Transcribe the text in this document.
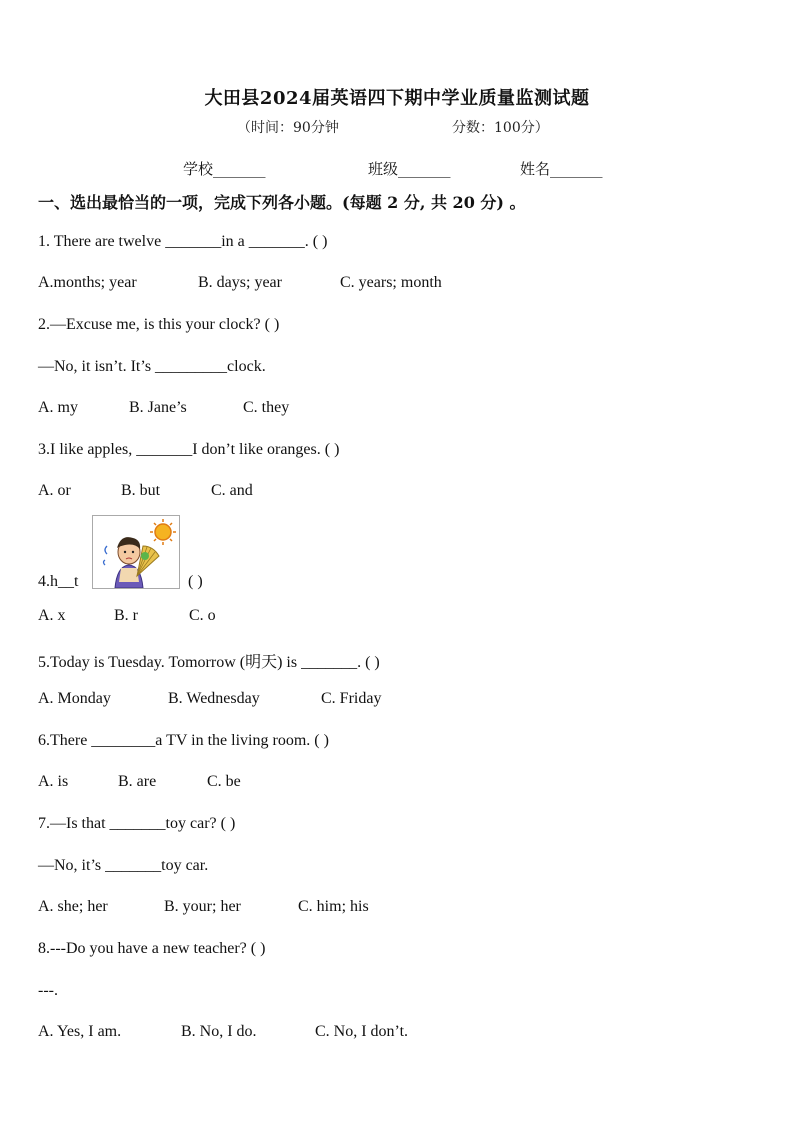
大田县2024届英语四下期中学业质量监测试题
（时间：90分钟	分数：100分）
学校_______	班级_______	姓名_______
一、选出最恰当的一项，完成下列各小题。(每题 2 分, 共 20 分) 。
1. There are twelve _______in a _______. ( )
A.months; year	B. days; year	C. years; month
2.—Excuse me, is this your clock? ( )
—No, it isn’t. It’s _________clock.
A. my	B. Jane’s	C. they
3.I like apples, _______I don’t like oranges. ( )
A. or	B. but	C. and
4.h__t	( )
A. x	B. r	C. o
5.Today is Tuesday. Tomorrow (明天) is _______. ( )
A. Monday	B. Wednesday	C. Friday
6.There ________a TV in the living room. ( )
A. is	B. are	C. be
7.—Is that _______toy car? ( )
—No, it’s _______toy car.
A. she; her	B. your; her	C. him; his
8.---Do you have a new teacher? ( )
---.
A. Yes, I am.	B. No, I do.	C. No, I don’t.
